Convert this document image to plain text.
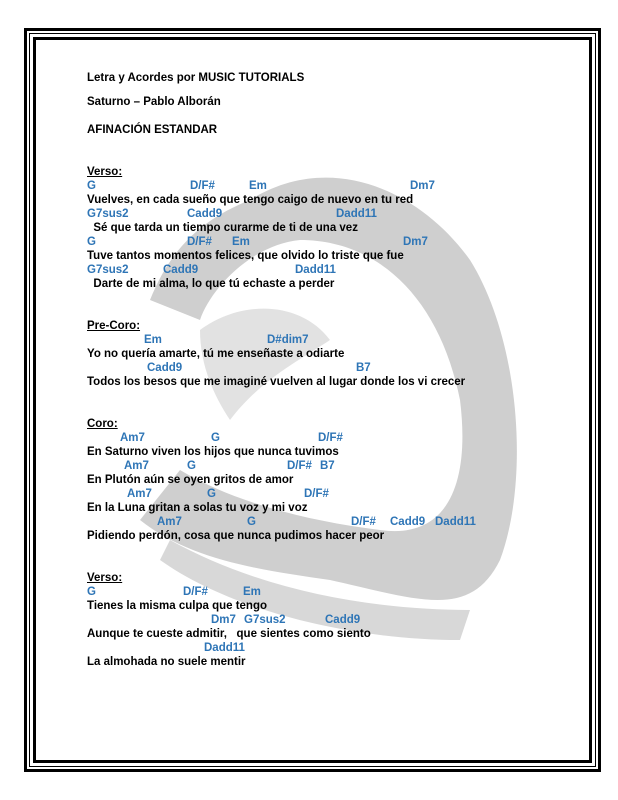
Letra y Acordes por MUSIC TUTORIALS
Saturno – Pablo Alborán
AFINACIÓN ESTANDAR
Verso:
G	D/F#	Em	Dm7
Vuelves, en cada sueño que tengo caigo de nuevo en tu red
G7sus2	Cadd9	Dadd11
Sé que tarda un tiempo curarme de ti de una vez
G	D/F# Em	Dm7
Tuve tantos momentos felices, que olvido lo triste que fue
G7sus2	Cadd9	Dadd11
Darte de mi alma, lo que tú echaste a perder
Pre-Coro:
Em	D#dim7
Yo no quería amarte, tú me enseñaste a odiarte
Cadd9	B7
Todos los besos que me imaginé vuelven al lugar donde los vi crecer
Coro:
Am7	G	D/F#
En Saturno viven los hijos que nunca tuvimos
Am7	G	D/F# B7
En Plutón aún se oyen gritos de amor
Am7	G	D/F#
En la Luna gritan a solas tu voz y mi voz
Am7	G	D/F# Cadd9 Dadd11
Pidiendo perdón, cosa que nunca pudimos hacer peor
Verso:
G	D/F#	Em
Tienes la misma culpa que tengo
Dm7 G7sus2	Cadd9
Aunque te cueste admitir,   que sientes como siento
Dadd11
La almohada no suele mentir
